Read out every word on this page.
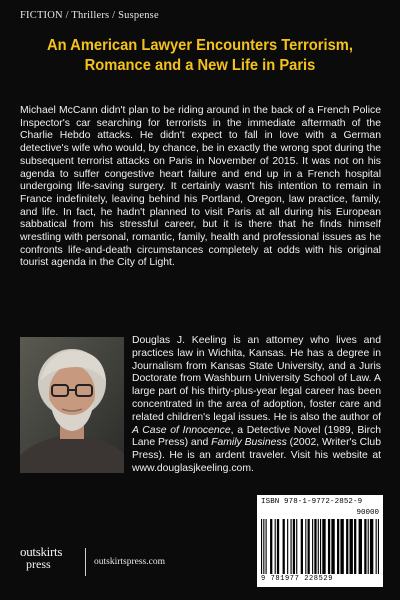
FICTION / Thrillers / Suspense
An American Lawyer Encounters Terrorism,
Romance and a New Life in Paris

Michael McCann didn't plan to be riding around in the back of a French Police Inspector's car searching for terrorists in the immediate aftermath of the Charlie Hebdo attacks. He didn't expect to fall in love with a German detective's wife who would, by chance, be in exactly the wrong spot during the subsequent terrorist attacks on Paris in November of 2015. It was not on his agenda to suffer congestive heart failure and end up in a French hospital undergoing life-saving surgery. It certainly wasn't his intention to remain in France indefinitely, leaving behind his Portland, Oregon, law practice, family, and life. In fact, he hadn't planned to visit Paris at all during his European sabbatical from his stressful career, but it is there that he finds himself wrestling with personal, romantic, family, health and professional issues as he confronts life-and-death circumstances completely at odds with his original tourist agenda in the City of Light.

Douglas J. Keeling is an attorney who lives and practices law in Wichita, Kansas. He has a degree in Journalism from Kansas State University, and a Juris Doctorate from Washburn University School of Law. A large part of his thirty-plus-year legal career has been concentrated in the area of adoption, foster care and related children's legal issues. He is also the author of A Case of Innocence, a Detective Novel (1989, Birch Lane Press) and Family Business (2002, Writer's Club Press). He is an ardent traveler. Visit his website at www.douglasjkeeling.com.

outskirts
press	outskirtspress.com
ISBN 978-1-9772-2852-9
90000
9 781977 228529
